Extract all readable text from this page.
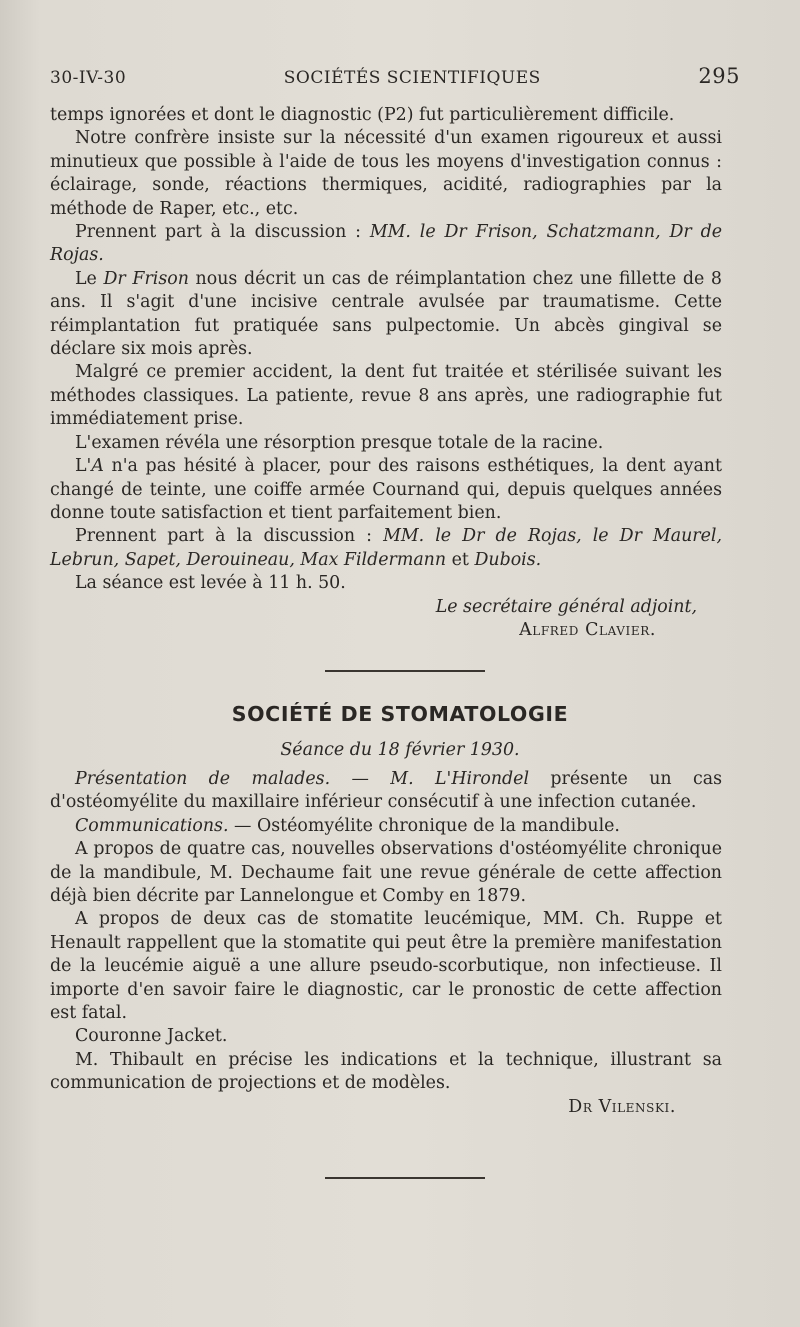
30-IV-30	SOCIÉTÉS SCIENTIFIQUES	295

temps ignorées et dont le diagnostic (P2) fut particulièrement difficile.

Notre confrère insiste sur la nécessité d'un examen rigoureux et aussi minutieux que possible à l'aide de tous les moyens d'investigation connus : éclairage, sonde, réactions thermiques, acidité, radiographies par la méthode de Raper, etc., etc.

Prennent part à la discussion : MM. le Dr Frison, Schatzmann, Dr de Rojas.

Le Dr Frison nous décrit un cas de réimplantation chez une fillette de 8 ans. Il s'agit d'une incisive centrale avulsée par traumatisme. Cette réimplantation fut pratiquée sans pulpectomie. Un abcès gingival se déclare six mois après.

Malgré ce premier accident, la dent fut traitée et stérilisée suivant les méthodes classiques. La patiente, revue 8 ans après, une radiographie fut immédiatement prise.

L'examen révéla une résorption presque totale de la racine.

L'A n'a pas hésité à placer, pour des raisons esthétiques, la dent ayant changé de teinte, une coiffe armée Cournand qui, depuis quelques années donne toute satisfaction et tient parfaitement bien.

Prennent part à la discussion : MM. le Dr de Rojas, le Dr Maurel, Lebrun, Sapet, Derouineau, Max Fildermann et Dubois.

La séance est levée à 11 h. 50.

Le secrétaire général adjoint,

Alfred Clavier.

SOCIÉTÉ DE STOMATOLOGIE
Séance du 18 février 1930.

Présentation de malades. — M. L'Hirondel présente un cas d'ostéomyélite du maxillaire inférieur consécutif à une infection cutanée.

Communications. — Ostéomyélite chronique de la mandibule.

A propos de quatre cas, nouvelles observations d'ostéomyélite chronique de la mandibule, M. Dechaume fait une revue générale de cette affection déjà bien décrite par Lannelongue et Comby en 1879.

A propos de deux cas de stomatite leucémique, MM. Ch. Ruppe et Henault rappellent que la stomatite qui peut être la première manifestation de la leucémie aiguë a une allure pseudo-scorbutique, non infectieuse. Il importe d'en savoir faire le diagnostic, car le pronostic de cette affection est fatal.

Couronne Jacket.

M. Thibault en précise les indications et la technique, illustrant sa communication de projections et de modèles.

Dr Vilenski.
